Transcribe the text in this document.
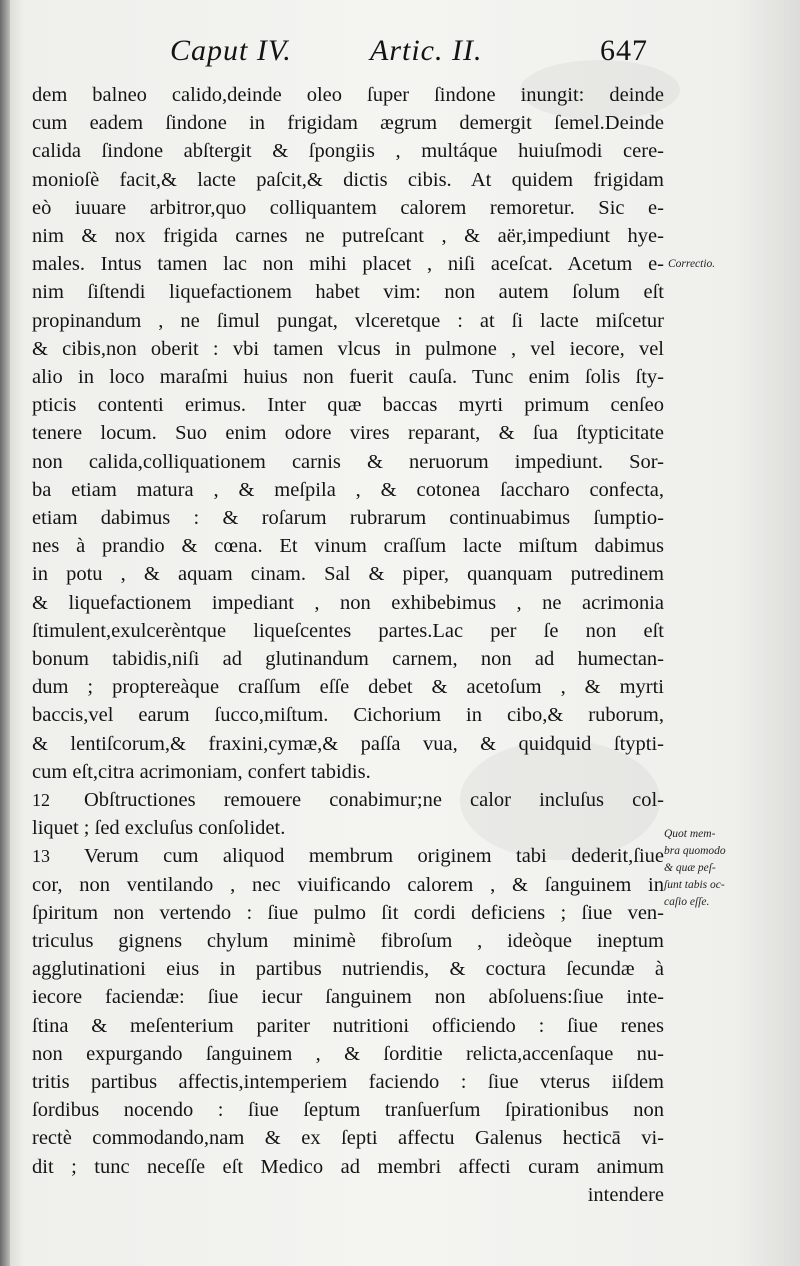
Caput IV.	Artic. II.	647
dem balneo calido,deinde oleo ſuper ſindone inungit: deinde
cum eadem ſindone in frigidam ægrum demergit ſemel.Deinde
calida ſindone abſtergit & ſpongiis , multáque huiuſmodi cere-
monioſè facit,& lacte paſcit,& dictis cibis. At quidem frigidam
eò iuuare arbitror,quo colliquantem calorem remoretur. Sic e-
nim & nox frigida carnes ne putreſcant , & aër,impediunt hye-
males. Intus tamen lac non mihi placet , niſi aceſcat. Acetum e-
nim ſiſtendi liquefactionem habet vim: non autem ſolum eſt
propinandum , ne ſimul pungat, vlceretque : at ſi lacte miſcetur
& cibis,non oberit : vbi tamen vlcus in pulmone , vel iecore, vel
alio in loco maraſmi huius non fuerit cauſa. Tunc enim ſolis ſty-
pticis contenti erimus. Inter quæ baccas myrti primum cenſeo
tenere locum. Suo enim odore vires reparant, & ſua ſtypticitate
non calida,colliquationem carnis & neruorum impediunt. Sor-
ba etiam matura , & meſpila , & cotonea ſaccharo confecta,
etiam dabimus : & roſarum rubrarum continuabimus ſumptio-
nes à prandio & cœna. Et vinum craſſum lacte miſtum dabimus
in potu , & aquam cinam. Sal & piper, quanquam putredinem
& liquefactionem impediant , non exhibebimus , ne acrimonia
ſtimulent,exulcerèntque liqueſcentes partes.Lac per ſe non eſt
bonum tabidis,niſi ad glutinandum carnem, non ad humectan-
dum ; proptereàque craſſum eſſe debet & acetoſum , & myrti
baccis,vel earum ſucco,miſtum. Cichorium in cibo,& ruborum,
& lentiſcorum,& fraxini,cymæ,& paſſa vua, & quidquid ſtypti-
cum eſt,citra acrimoniam, confert tabidis.
12 Obſtructiones remouere conabimur;ne calor incluſus col-
liquet ; ſed excluſus conſolidet.
13 Verum cum aliquod membrum originem tabi dederit,ſiue
cor, non ventilando , nec viuificando calorem , & ſanguinem in
ſpiritum non vertendo : ſiue pulmo ſit cordi deficiens ; ſiue ven-
triculus gignens chylum minimè fibroſum , ideòque ineptum
agglutinationi eius in partibus nutriendis, & coctura ſecundæ à
iecore faciendæ: ſiue iecur ſanguinem non abſoluens:ſiue inte-
ſtina & meſenterium pariter nutritioni officiendo : ſiue renes
non expurgando ſanguinem , & ſorditie relicta,accenſaque nu-
tritis partibus affectis,intemperiem faciendo : ſiue vterus iiſdem
ſordibus nocendo : ſiue ſeptum tranſuerſum ſpirationibus non
rectè commodando,nam & ex ſepti affectu Galenus hecticā vi-
dit ; tunc neceſſe eſt Medico ad membri affecti curam animum
intendere
Correctio.
Quot mem-
bra quomodo
& quæ peſ-
ſunt tabis oc-
caſio eſſe.
